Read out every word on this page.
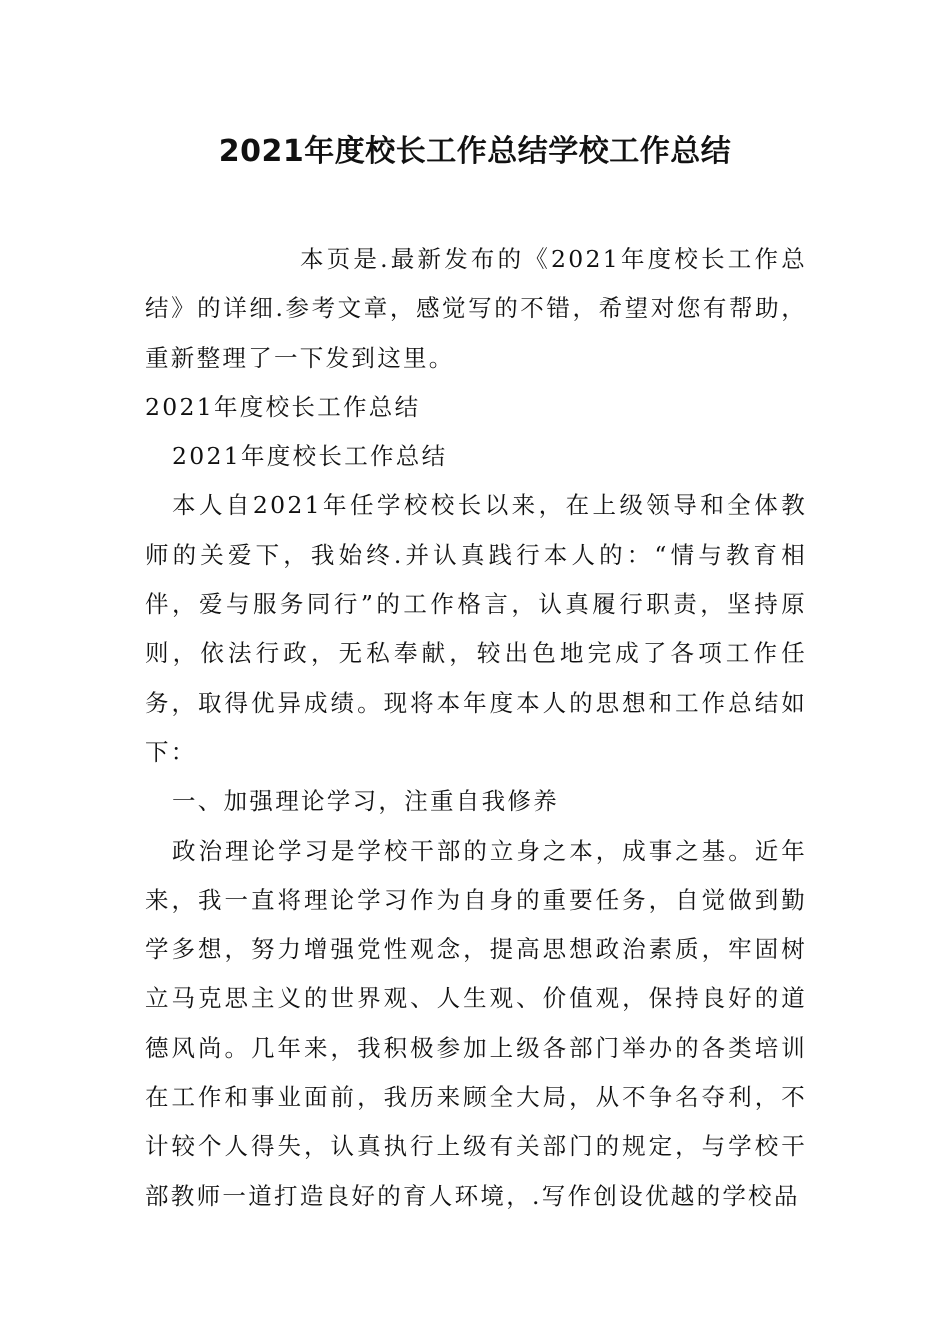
2021年度校长工作总结学校工作总结

本页是.最新发布的《2021年度校长工作总结》的详细.参考文章，感觉写的不错，希望对您有帮助，重新整理了一下发到这里。

2021年度校长工作总结

2021年度校长工作总结

本人自2021年任学校校长以来，在上级领导和全体教师的关爱下，我始终.并认真践行本人的：“情与教育相伴，爱与服务同行”的工作格言，认真履行职责，坚持原则，依法行政，无私奉献，较出色地完成了各项工作任务，取得优异成绩。现将本年度本人的思想和工作总结如下：

一、加强理论学习，注重自我修养

政治理论学习是学校干部的立身之本，成事之基。近年来，我一直将理论学习作为自身的重要任务，自觉做到勤学多想，努力增强党性观念，提高思想政治素质，牢固树立马克思主义的世界观、人生观、价值观，保持良好的道德风尚。几年来，我积极参加上级各部门举办的各类培训在工作和事业面前，我历来顾全大局，从不争名夺利，不计较个人得失，认真执行上级有关部门的规定，与学校干部教师一道打造良好的育人环境，.写作创设优越的学校品
